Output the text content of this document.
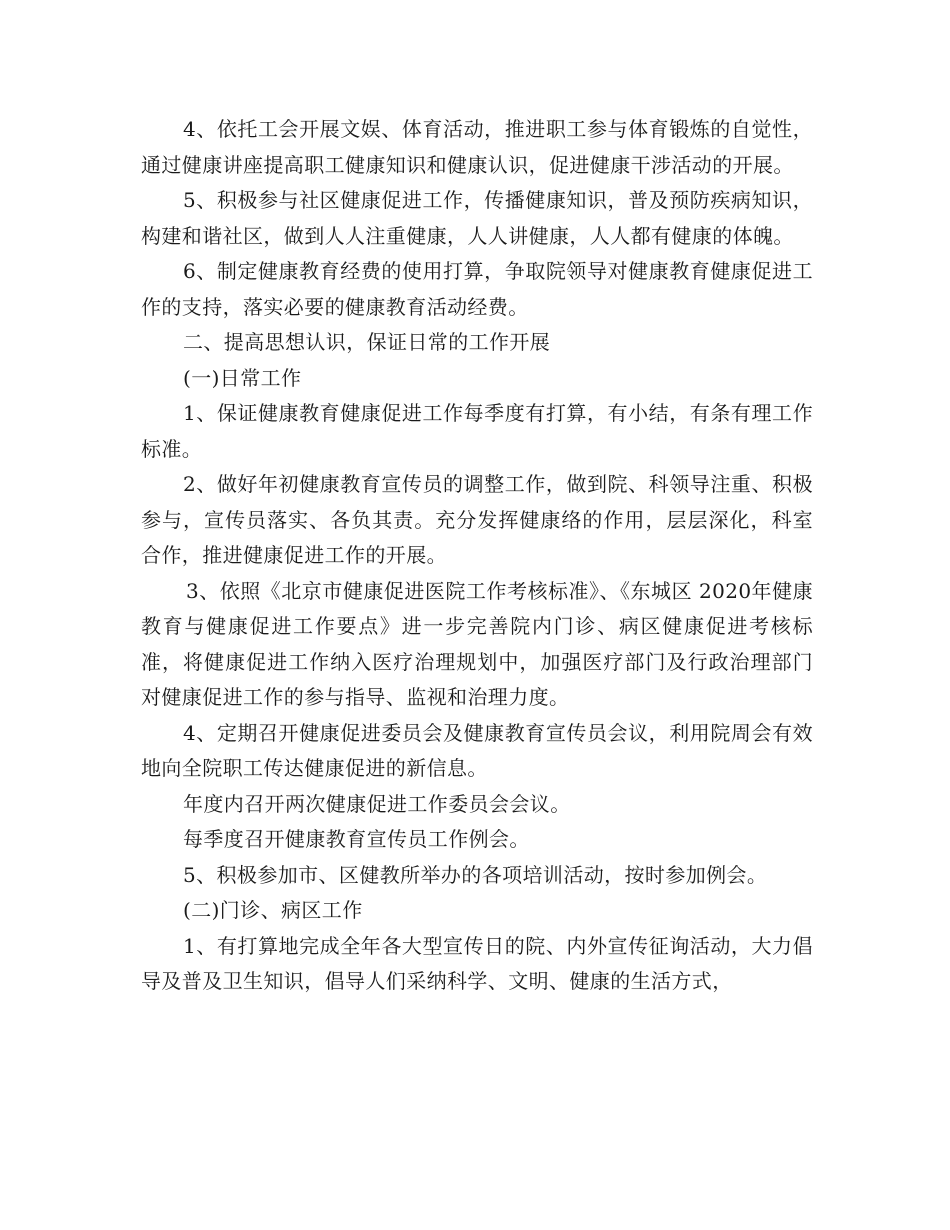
4、依托工会开展文娱、体育活动，推进职工参与体育锻炼的自觉性，通过健康讲座提高职工健康知识和健康认识，促进健康干涉活动的开展。

5、积极参与社区健康促进工作，传播健康知识，普及预防疾病知识，构建和谐社区，做到人人注重健康，人人讲健康，人人都有健康的体魄。

6、制定健康教育经费的使用打算，争取院领导对健康教育健康促进工作的支持，落实必要的健康教育活动经费。

二、提高思想认识，保证日常的工作开展

(一)日常工作

1、保证健康教育健康促进工作每季度有打算，有小结，有条有理工作标准。

2、做好年初健康教育宣传员的调整工作，做到院、科领导注重、积极参与，宣传员落实、各负其责。充分发挥健康络的作用，层层深化，科室合作，推进健康促进工作的开展。

3、依照《北京市健康促进医院工作考核标准》、《东城区 2020年健康教育与健康促进工作要点》进一步完善院内门诊、病区健康促进考核标准，将健康促进工作纳入医疗治理规划中，加强医疗部门及行政治理部门对健康促进工作的参与指导、监视和治理力度。

4、定期召开健康促进委员会及健康教育宣传员会议，利用院周会有效地向全院职工传达健康促进的新信息。

年度内召开两次健康促进工作委员会会议。

每季度召开健康教育宣传员工作例会。

5、积极参加市、区健教所举办的各项培训活动，按时参加例会。

(二)门诊、病区工作

1、有打算地完成全年各大型宣传日的院、内外宣传征询活动，大力倡导及普及卫生知识，倡导人们采纳科学、文明、健康的生活方式，
